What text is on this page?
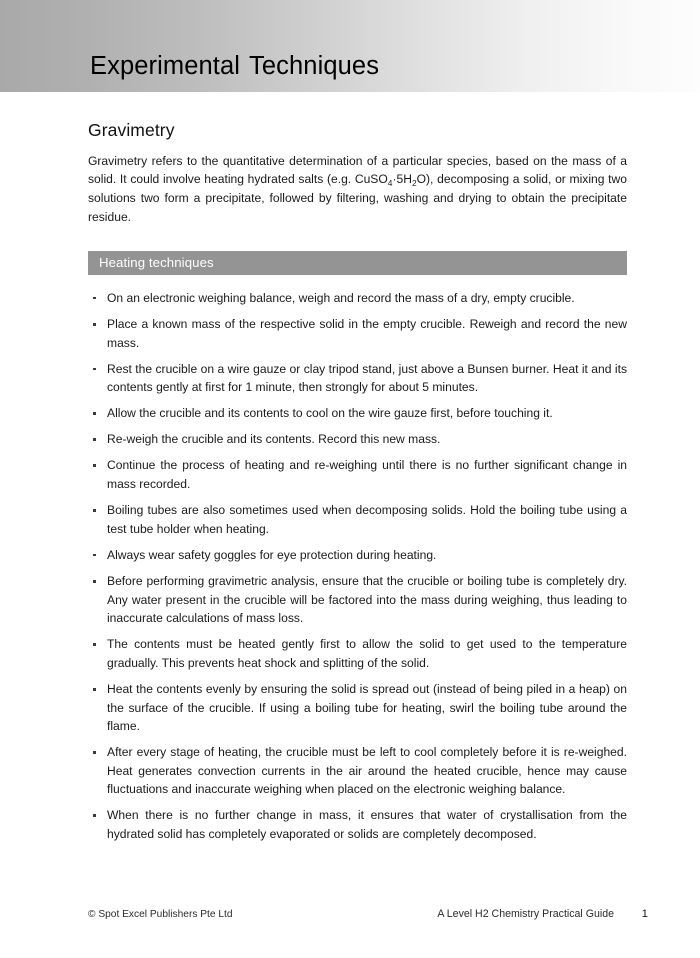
Experimental Techniques
Gravimetry

Gravimetry refers to the quantitative determination of a particular species, based on the mass of a solid. It could involve heating hydrated salts (e.g. $CuSO_4\cdot 5H_2O$), decomposing a solid, or mixing two solutions two form a precipitate, followed by filtering, washing and drying to obtain the precipitate residue.

Heating techniques
On an electronic weighing balance, weigh and record the mass of a dry, empty crucible.
Place a known mass of the respective solid in the empty crucible. Reweigh and record the new mass.
Rest the crucible on a wire gauze or clay tripod stand, just above a Bunsen burner. Heat it and its contents gently at first for 1 minute, then strongly for about 5 minutes.
Allow the crucible and its contents to cool on the wire gauze first, before touching it.
Re-weigh the crucible and its contents. Record this new mass.
Continue the process of heating and re-weighing until there is no further significant change in mass recorded.
Boiling tubes are also sometimes used when decomposing solids. Hold the boiling tube using a test tube holder when heating.
Always wear safety goggles for eye protection during heating.
Before performing gravimetric analysis, ensure that the crucible or boiling tube is completely dry. Any water present in the crucible will be factored into the mass during weighing, thus leading to inaccurate calculations of mass loss.
The contents must be heated gently first to allow the solid to get used to the temperature gradually. This prevents heat shock and splitting of the solid.
Heat the contents evenly by ensuring the solid is spread out (instead of being piled in a heap) on the surface of the crucible. If using a boiling tube for heating, swirl the boiling tube around the flame.
After every stage of heating, the crucible must be left to cool completely before it is re-weighed. Heat generates convection currents in the air around the heated crucible, hence may cause fluctuations and inaccurate weighing when placed on the electronic weighing balance.
When there is no further change in mass, it ensures that water of crystallisation from the hydrated solid has completely evaporated or solids are completely decomposed.
© Spot Excel Publishers Pte Ltd	A Level H2 Chemistry Practical Guide	1
